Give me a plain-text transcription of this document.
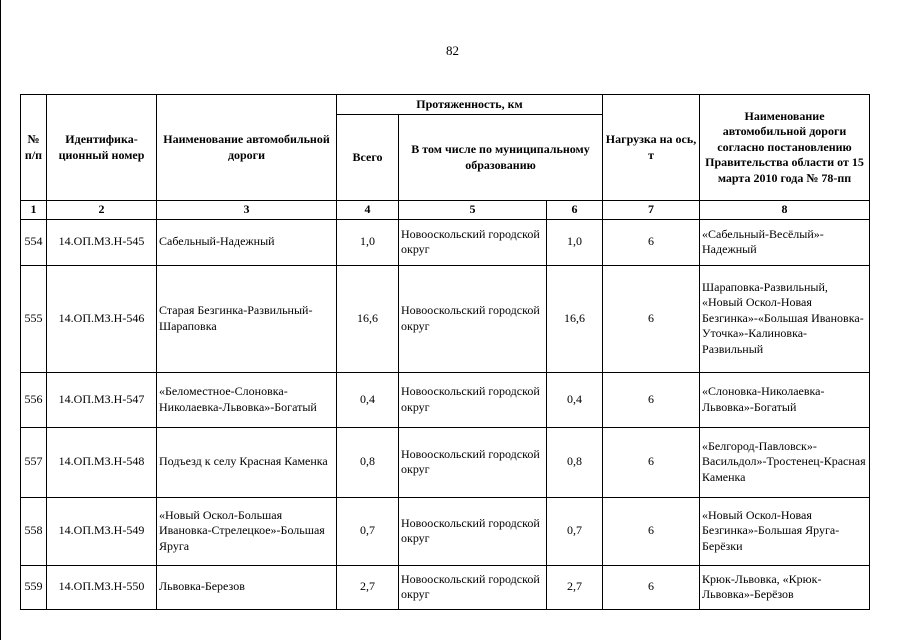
82
№ п/п	Идентифика-ционный номер	Наименование автомобильной дороги	Протяженность, км			Нагрузка на ось, т	Наименование автомобильной дороги согласно постановлению Правительства области от 15 марта 2010 года № 78-пп
			Всего	В том числе по муниципальному образованию			
1	2	3	4	5	6	7	8
554	14.ОП.МЗ.Н-545	Сабельный-Надежный	1,0	Новооскольский городской округ	1,0	6	«Сабельный-Весёлый»-Надежный
555	14.ОП.МЗ.Н-546	Старая Безгинка-Развильный-Шараповка	16,6	Новооскольский городской округ	16,6	6	Шараповка-Развильный, «Новый Оскол-Новая Безгинка»-«Большая Ивановка-Уточка»-Калиновка-Развильный
556	14.ОП.МЗ.Н-547	«Беломестное-Слоновка-Николаевка-Львовка»-Богатый	0,4	Новооскольский городской округ	0,4	6	«Слоновка-Николаевка-Львовка»-Богатый
557	14.ОП.МЗ.Н-548	Подъезд к селу Красная Каменка	0,8	Новооскольский городской округ	0,8	6	«Белгород-Павловск»-Васильдол»-Тростенец-Красная Каменка
558	14.ОП.МЗ.Н-549	«Новый Оскол-Большая Ивановка-Стрелецкое»-Большая Яруга	0,7	Новооскольский городской округ	0,7	6	«Новый Оскол-Новая Безгинка»-Большая Яруга-Берёзки
559	14.ОП.МЗ.Н-550	Львовка-Березов	2,7	Новооскольский городской округ	2,7	6	Крюк-Львовка, «Крюк-Львовка»-Берёзов
